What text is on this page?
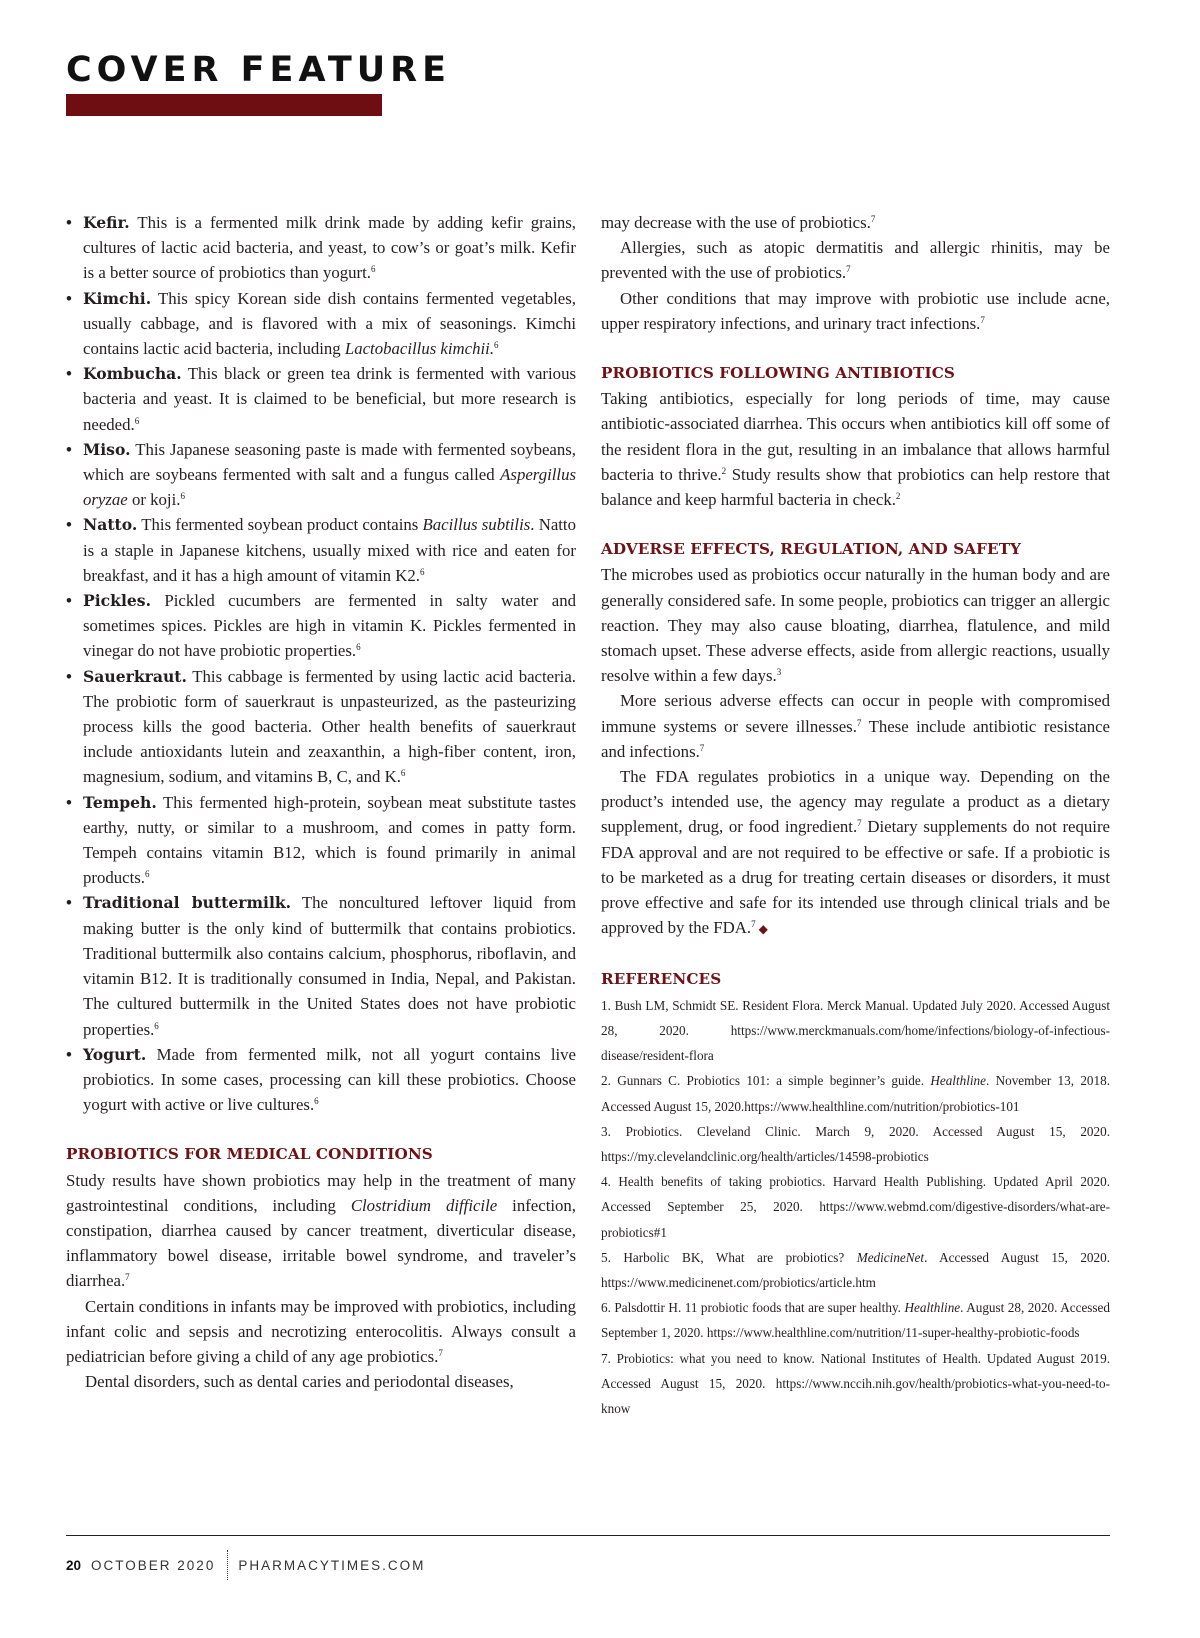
COVER FEATURE
• Kefir. This is a fermented milk drink made by adding kefir grains, cultures of lactic acid bacteria, and yeast, to cow’s or goat’s milk. Kefir is a better source of probiotics than yogurt.$^6$
• Kimchi. This spicy Korean side dish contains fermented vegetables, usually cabbage, and is flavored with a mix of seasonings. Kimchi contains lactic acid bacteria, including Lactobacillus kimchii.$^6$
• Kombucha. This black or green tea drink is fermented with various bacteria and yeast. It is claimed to be beneficial, but more research is needed.$^6$
• Miso. This Japanese seasoning paste is made with fermented soybeans, which are soybeans fermented with salt and a fungus called Aspergillus oryzae or koji.$^6$
• Natto. This fermented soybean product contains Bacillus subtilis. Natto is a staple in Japanese kitchens, usually mixed with rice and eaten for breakfast, and it has a high amount of vitamin K2.$^6$
• Pickles. Pickled cucumbers are fermented in salty water and sometimes spices. Pickles are high in vitamin K. Pickles fermented in vinegar do not have probiotic properties.$^6$
• Sauerkraut. This cabbage is fermented by using lactic acid bacteria. The probiotic form of sauerkraut is unpasteurized, as the pasteurizing process kills the good bacteria. Other health benefits of sauerkraut include antioxidants lutein and zeaxanthin, a high-fiber content, iron, magnesium, sodium, and vitamins B, C, and K.$^6$
• Tempeh. This fermented high-protein, soybean meat substitute tastes earthy, nutty, or similar to a mushroom, and comes in patty form. Tempeh contains vitamin B12, which is found primarily in animal products.$^6$
• Traditional buttermilk. The noncultured leftover liquid from making butter is the only kind of buttermilk that contains probiotics. Traditional buttermilk also contains calcium, phosphorus, riboflavin, and vitamin B12. It is traditionally consumed in India, Nepal, and Pakistan. The cultured buttermilk in the United States does not have probiotic properties.$^6$
• Yogurt. Made from fermented milk, not all yogurt contains live probiotics. In some cases, processing can kill these probiotics. Choose yogurt with active or live cultures.$^6$
PROBIOTICS FOR MEDICAL CONDITIONS

Study results have shown probiotics may help in the treatment of many gastrointestinal conditions, including Clostridium difficile infection, constipation, diarrhea caused by cancer treatment, diverticular disease, inflammatory bowel disease, irritable bowel syndrome, and traveler’s diarrhea.$^7$

Certain conditions in infants may be improved with probiotics, including infant colic and sepsis and necrotizing enterocolitis. Always consult a pediatrician before giving a child of any age probiotics.$^7$

Dental disorders, such as dental caries and periodontal diseases,

may decrease with the use of probiotics.$^7$

Allergies, such as atopic dermatitis and allergic rhinitis, may be prevented with the use of probiotics.$^7$

Other conditions that may improve with probiotic use include acne, upper respiratory infections, and urinary tract infections.$^7$

PROBIOTICS FOLLOWING ANTIBIOTICS

Taking antibiotics, especially for long periods of time, may cause antibiotic-associated diarrhea. This occurs when antibiotics kill off some of the resident flora in the gut, resulting in an imbalance that allows harmful bacteria to thrive.$^2$ Study results show that probiotics can help restore that balance and keep harmful bacteria in check.$^2$

ADVERSE EFFECTS, REGULATION, AND SAFETY

The microbes used as probiotics occur naturally in the human body and are generally considered safe. In some people, probiotics can trigger an allergic reaction. They may also cause bloating, diarrhea, flatulence, and mild stomach upset. These adverse effects, aside from allergic reactions, usually resolve within a few days.$^3$

More serious adverse effects can occur in people with compromised immune systems or severe illnesses.$^7$ These include antibiotic resistance and infections.$^7$

The FDA regulates probiotics in a unique way. Depending on the product’s intended use, the agency may regulate a product as a dietary supplement, drug, or food ingredient.$^7$ Dietary supplements do not require FDA approval and are not required to be effective or safe. If a probiotic is to be marketed as a drug for treating certain diseases or disorders, it must prove effective and safe for its intended use through clinical trials and be approved by the FDA.$^7$ ◆

REFERENCES
1. Bush LM, Schmidt SE. Resident Flora. Merck Manual. Updated July 2020. Accessed August 28, 2020. https://www.merckmanuals.com/home/infections/biology-of-infectious-disease/resident-flora
2. Gunnars C. Probiotics 101: a simple beginner’s guide. Healthline. November 13, 2018. Accessed August 15, 2020.https://www.healthline.com/nutrition/probiotics-101
3. Probiotics. Cleveland Clinic. March 9, 2020. Accessed August 15, 2020. https://my.clevelandclinic.org/health/articles/14598-probiotics
4. Health benefits of taking probiotics. Harvard Health Publishing. Updated April 2020. Accessed September 25, 2020. https://www.webmd.com/digestive-disorders/what-are-probiotics#1
5. Harbolic BK, What are probiotics? MedicineNet. Accessed August 15, 2020. https://www.medicinenet.com/probiotics/article.htm
6. Palsdottir H. 11 probiotic foods that are super healthy. Healthline. August 28, 2020. Accessed September 1, 2020. https://www.healthline.com/nutrition/11-super-healthy-probiotic-foods
7. Probiotics: what you need to know. National Institutes of Health. Updated August 2019. Accessed August 15, 2020. https://www.nccih.nih.gov/health/probiotics-what-you-need-to-know
20 OCTOBER 2020 PHARMACYTIMES.COM
